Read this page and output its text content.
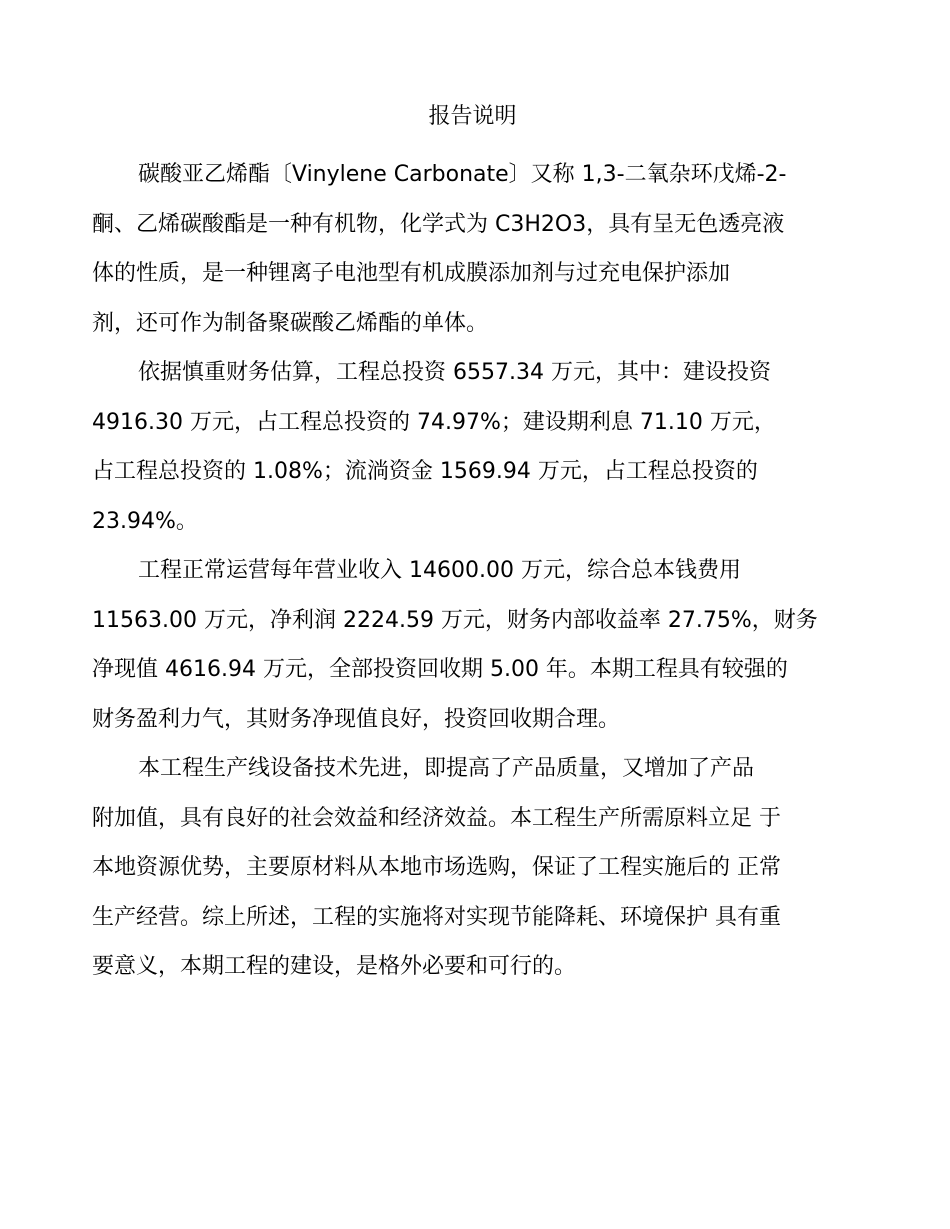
报告说明

碳酸亚乙烯酯〔Vinylene Carbonate〕又称 1,3-二氧杂环戊烯-2-
酮、乙烯碳酸酯是一种有机物，化学式为 C3H2O3，具有呈无色透亮液
体的性质，是一种锂离子电池型有机成膜添加剂与过充电保护添加
剂，还可作为制备聚碳酸乙烯酯的单体。

依据慎重财务估算，工程总投资 6557.34 万元，其中：建设投资
4916.30 万元，占工程总投资的 74.97%；建设期利息 71.10 万元，
占工程总投资的 1.08%；流淌资金 1569.94 万元，占工程总投资的
23.94%。

工程正常运营每年营业收入 14600.00 万元，综合总本钱费用
11563.00 万元，净利润 2224.59 万元，财务内部收益率 27.75%，财务
净现值 4616.94 万元，全部投资回收期 5.00 年。本期工程具有较强的
财务盈利力气，其财务净现值良好，投资回收期合理。

本工程生产线设备技术先进，即提高了产品质量，又增加了产品
附加值，具有良好的社会效益和经济效益。本工程生产所需原料立足 于
本地资源优势，主要原材料从本地市场选购，保证了工程实施后的 正常
生产经营。综上所述，工程的实施将对实现节能降耗、环境保护 具有重
要意义，本期工程的建设，是格外必要和可行的。
